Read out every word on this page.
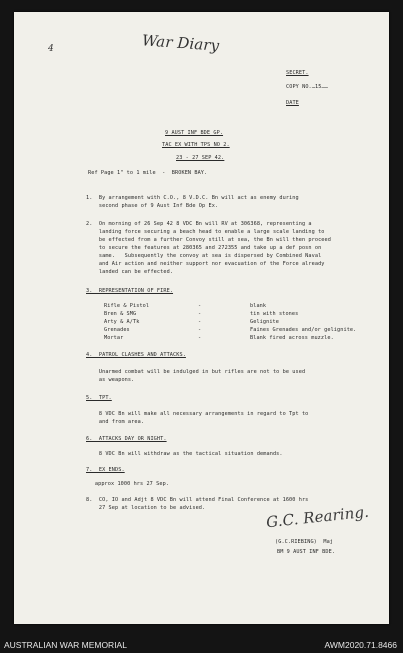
War Diary
4
SECRET.
COPY NO.…15……
DATE
9 AUST INF BDE GP.
TAC EX WITH TPS NO 2.
23 - 27 SEP 42.
Ref Page 1" to 1 mile  -  BROKEN BAY.
1.  By arrangement with C.O., 8 V.D.C. Bn will act as enemy during
second phase of 9 Aust Inf Bde Op Ex.
2.  On morning of 26 Sep 42 8 VDC Bn will RV at 306368, representing a
landing force securing a beach head to enable a large scale landing to
be effected from a further Convoy still at sea, the Bn will then proceed
to secure the features at 280365 and 272355 and take up a def posn on
same.   Subsequently the convoy at sea is dispersed by Combined Naval
and Air action and neither support nor evacuation of the Force already
landed can be effected.
3.  REPRESENTATION OF FIRE.
Rifle & Pistol	-	blank
Bren & SMG	-	tin with stones
Arty & A/Tk	-	Gelignite
Grenades	-	Faines Grenades and/or gelignite.
Mortar	-	Blank fired across muzzle.
4.  PATROL CLASHES AND ATTACKS.
Unarmed combat will be indulged in but rifles are not to be used
as weapons.
5.  TPT.
8 VDC Bn will make all necessary arrangements in regard to Tpt to
and from area.
6.  ATTACKS DAY OR NIGHT.
8 VDC Bn will withdraw as the tactical situation demands.
7.  EX ENDS.
approx 1000 hrs 27 Sep.
8.  CO, IO and Adjt 8 VDC Bn will attend Final Conference at 1600 hrs
27 Sep at location to be advised.	G.C. Rearing.
(G.C.RIEBING)  Maj
BM 9 AUST INF BDE.
AUSTRALIAN WAR MEMORIAL	AWM2020.71.8466
